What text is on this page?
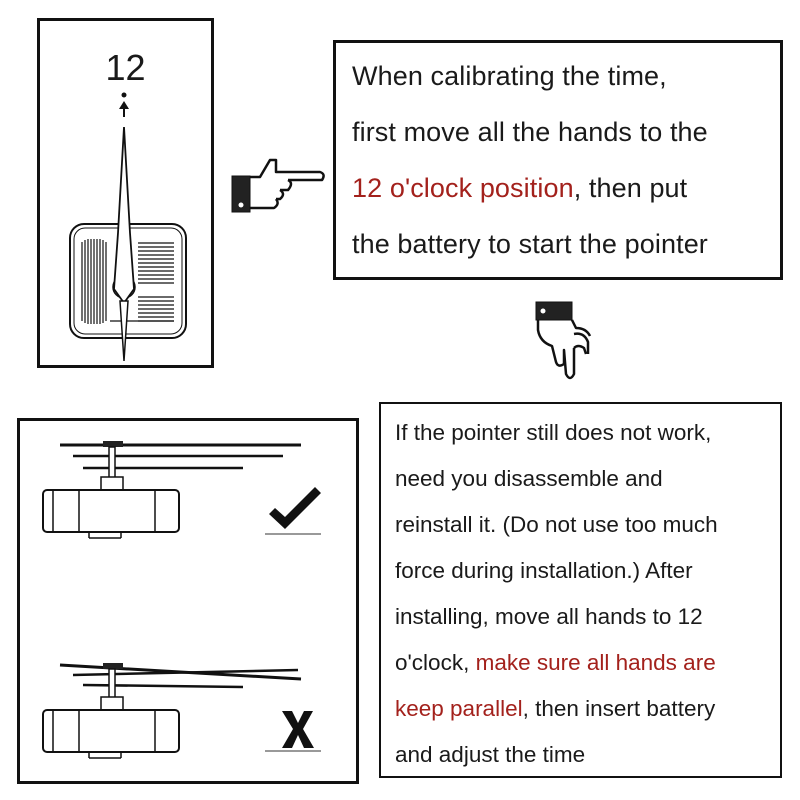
12	When calibrating the time,
first move all the hands to the
12 o'clock position, then put
the battery to start the pointer
If the pointer still does not work,
need you disassemble and
reinstall it. (Do not use too much
force during installation.) After
installing, move all hands to 12
o'clock, make sure all hands are
keep parallel, then insert battery
and adjust the time
